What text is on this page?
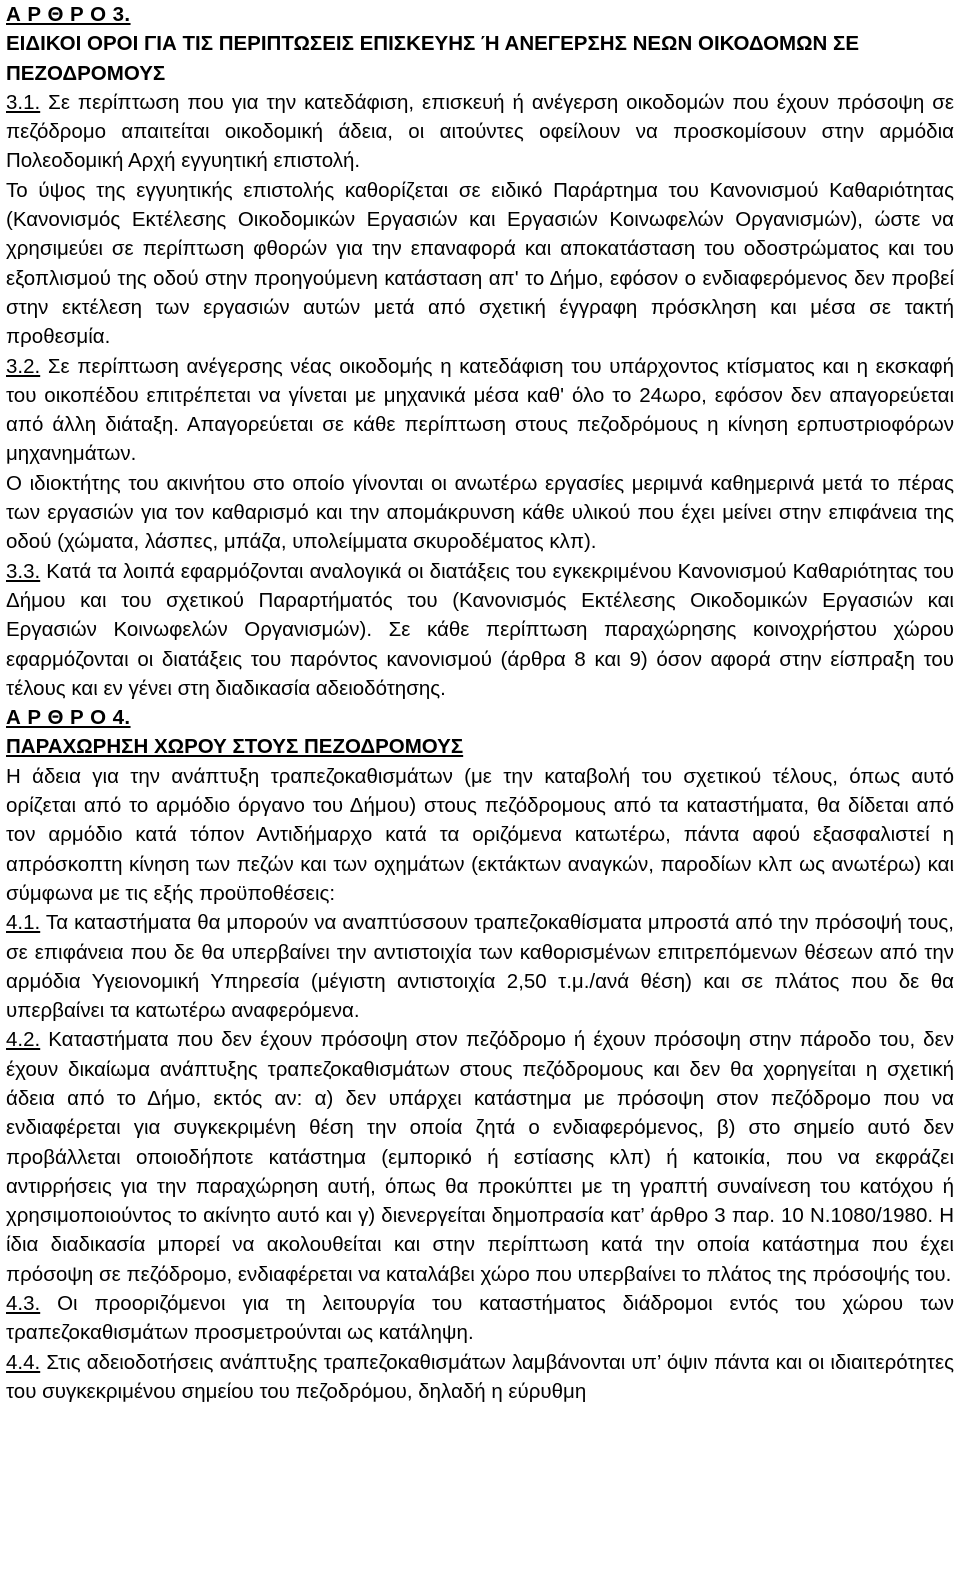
Α Ρ Θ Ρ Ο 3.

ΕΙΔΙΚΟΙ ΟΡΟΙ ΓΙΑ ΤΙΣ ΠΕΡΙΠΤΩΣΕΙΣ ΕΠΙΣΚΕΥΗΣ Ή ΑΝΕΓΕΡΣΗΣ ΝΕΩΝ ΟΙΚΟΔΟΜΩΝ ΣΕ ΠΕΖΟΔΡΟΜΟΥΣ

3.1. Σε περίπτωση που για την κατεδάφιση, επισκευή ή ανέγερση οικοδομών που έχουν πρόσοψη σε πεζόδρομο απαιτείται οικοδομική άδεια, οι αιτούντες οφείλουν να προσκομίσουν στην αρμόδια Πολεοδομική Αρχή εγγυητική επιστολή.

Το ύψος της εγγυητικής επιστολής καθορίζεται σε ειδικό Παράρτημα του Κανονισμού Καθαριότητας (Κανονισμός Εκτέλεσης Οικοδομικών Εργασιών και Εργασιών Κοινωφελών Οργανισμών), ώστε να χρησιμεύει σε περίπτωση φθορών για την επαναφορά και αποκατάσταση του οδοστρώματος και του εξοπλισμού της οδού στην προηγούμενη κατάσταση απ' το Δήμο, εφόσον ο ενδιαφερόμενος δεν προβεί στην εκτέλεση των εργασιών αυτών μετά από σχετική έγγραφη πρόσκληση και μέσα σε τακτή προθεσμία.

3.2. Σε περίπτωση ανέγερσης νέας οικοδομής η κατεδάφιση του υπάρχοντος κτίσματος και η εκσκαφή του οικοπέδου επιτρέπεται να γίνεται με μηχανικά μέσα καθ' όλο το 24ωρο, εφόσον δεν απαγορεύεται από άλλη διάταξη. Απαγορεύεται σε κάθε περίπτωση στους πεζοδρόμους η κίνηση ερπυστριοφόρων μηχανημάτων.

Ο ιδιοκτήτης του ακινήτου στο οποίο γίνονται οι ανωτέρω εργασίες μεριμνά καθημερινά μετά το πέρας των εργασιών για τον καθαρισμό και την απομάκρυνση κάθε υλικού που έχει μείνει στην επιφάνεια της οδού (χώματα, λάσπες, μπάζα, υπολείμματα σκυροδέματος κλπ).

3.3. Κατά τα λοιπά εφαρμόζονται αναλογικά οι διατάξεις του εγκεκριμένου Κανονισμού Καθαριότητας του Δήμου και του σχετικού Παραρτήματός του (Κανονισμός Εκτέλεσης Οικοδομικών Εργασιών και Εργασιών Κοινωφελών Οργανισμών). Σε κάθε περίπτωση παραχώρησης κοινοχρήστου χώρου εφαρμόζονται οι διατάξεις του παρόντος κανονισμού (άρθρα 8 και 9) όσον αφορά στην είσπραξη του τέλους και εν γένει στη διαδικασία αδειοδότησης.

Α Ρ Θ Ρ Ο 4.

ΠΑΡΑΧΩΡΗΣΗ ΧΩΡΟΥ ΣΤΟΥΣ ΠΕΖΟΔΡΟΜΟΥΣ

Η άδεια για την ανάπτυξη τραπεζοκαθισμάτων (με την καταβολή του σχετικού τέλους, όπως αυτό ορίζεται από το αρμόδιο όργανο του Δήμου) στους πεζόδρομους από τα καταστήματα, θα δίδεται από τον αρμόδιο κατά τόπον Αντιδήμαρχο κατά τα οριζόμενα κατωτέρω, πάντα αφού εξασφαλιστεί η απρόσκοπτη κίνηση των πεζών και των οχημάτων (εκτάκτων αναγκών, παροδίων κλπ ως ανωτέρω) και σύμφωνα με τις εξής προϋποθέσεις:

4.1. Τα καταστήματα θα μπορούν να αναπτύσσουν τραπεζοκαθίσματα μπροστά από την πρόσοψή τους, σε επιφάνεια που δε θα υπερβαίνει την αντιστοιχία των καθορισμένων επιτρεπόμενων θέσεων από την αρμόδια Υγειονομική Υπηρεσία (μέγιστη αντιστοιχία 2,50 τ.μ./ανά θέση) και σε πλάτος που δε θα υπερβαίνει τα κατωτέρω αναφερόμενα.

4.2. Καταστήματα που δεν έχουν πρόσοψη στον πεζόδρομο ή έχουν πρόσοψη στην πάροδο του, δεν έχουν δικαίωμα ανάπτυξης τραπεζοκαθισμάτων στους πεζόδρομους και δεν θα χορηγείται η σχετική άδεια από το Δήμο, εκτός αν: α) δεν υπάρχει κατάστημα με πρόσοψη στον πεζόδρομο που να ενδιαφέρεται για συγκεκριμένη θέση την οποία ζητά ο ενδιαφερόμενος, β) στο σημείο αυτό δεν προβάλλεται οποιοδήποτε κατάστημα (εμπορικό ή εστίασης κλπ) ή κατοικία, που να εκφράζει αντιρρήσεις για την παραχώρηση αυτή, όπως θα προκύπτει με τη γραπτή συναίνεση του κατόχου ή χρησιμοποιούντος το ακίνητο αυτό και γ) διενεργείται δημοπρασία κατ’ άρθρο 3 παρ. 10 Ν.1080/1980. Η ίδια διαδικασία μπορεί να ακολουθείται και στην περίπτωση κατά την οποία κατάστημα που έχει πρόσοψη σε πεζόδρομο, ενδιαφέρεται να καταλάβει χώρο που υπερβαίνει το πλάτος της πρόσοψής του.

4.3. Οι προοριζόμενοι για τη λειτουργία του καταστήματος διάδρομοι εντός του χώρου των τραπεζοκαθισμάτων προσμετρούνται ως κατάληψη.

4.4. Στις αδειοδοτήσεις ανάπτυξης τραπεζοκαθισμάτων λαμβάνονται υπ’ όψιν πάντα και οι ιδιαιτερότητες του συγκεκριμένου σημείου του πεζοδρόμου, δηλαδή η εύρυθμη
